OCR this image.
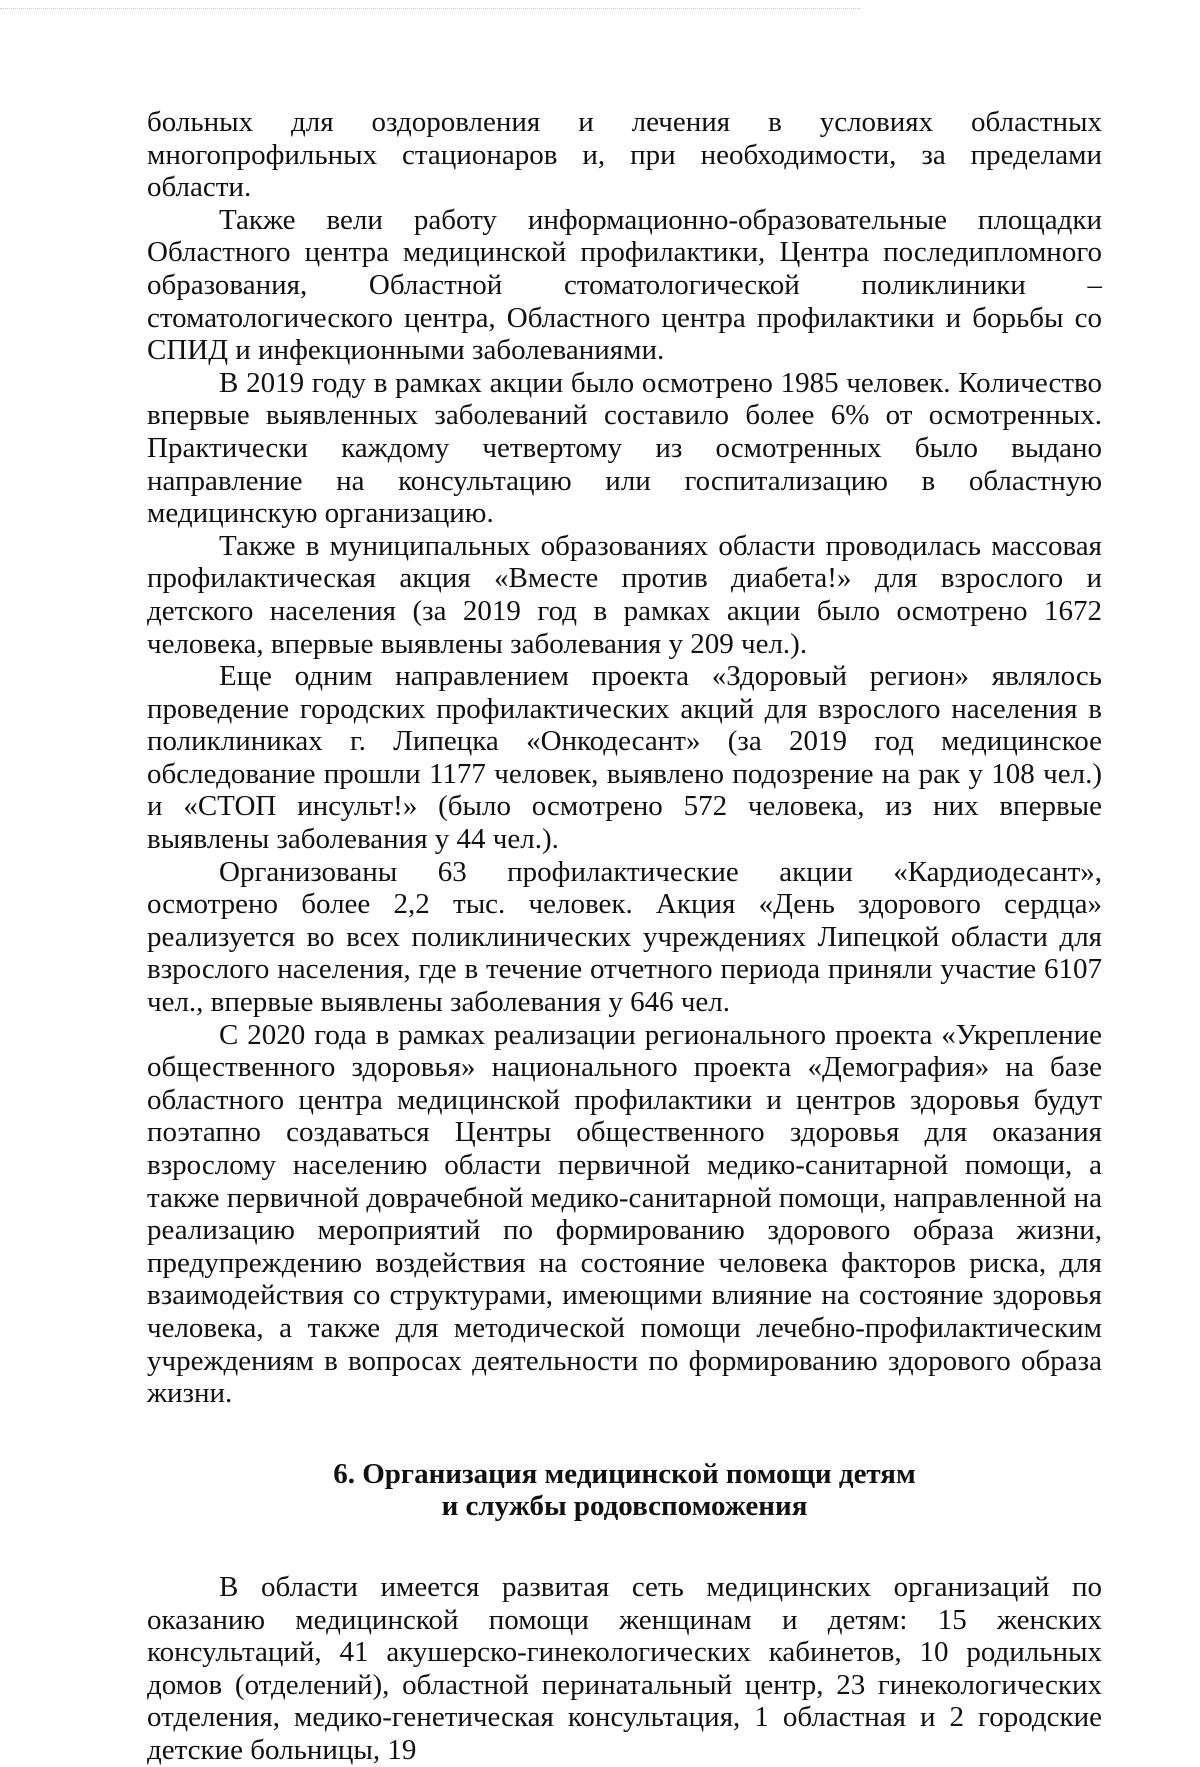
больных для оздоровления и лечения в условиях областных многопрофильных стационаров и, при необходимости, за пределами области.

Также вели работу информационно-образовательные площадки Областного центра медицинской профилактики, Центра последипломного образования, Областной стоматологической поликлиники – стоматологического центра, Областного центра профилактики и борьбы со СПИД и инфекционными заболеваниями.

В 2019 году в рамках акции было осмотрено 1985 человек. Количество впервые выявленных заболеваний составило более 6% от осмотренных. Практически каждому четвертому из осмотренных было выдано направление на консультацию или госпитализацию в областную медицинскую организацию.

Также в муниципальных образованиях области проводилась массовая профилактическая акция «Вместе против диабета!» для взрослого и детского населения (за 2019 год в рамках акции было осмотрено 1672 человека, впервые выявлены заболевания у 209 чел.).

Еще одним направлением проекта «Здоровый регион» являлось проведение городских профилактических акций для взрослого населения в поликлиниках г. Липецка «Онкодесант» (за 2019 год медицинское обследование прошли 1177 человек, выявлено подозрение на рак у 108 чел.) и «СТОП инсульт!» (было осмотрено 572 человека, из них впервые выявлены заболевания у 44 чел.).

Организованы 63 профилактические акции «Кардиодесант», осмотрено более 2,2 тыс. человек. Акция «День здорового сердца» реализуется во всех поликлинических учреждениях Липецкой области для взрослого населения, где в течение отчетного периода приняли участие 6107 чел., впервые выявлены заболевания у 646 чел.

С 2020 года в рамках реализации регионального проекта «Укрепление общественного здоровья» национального проекта «Демография» на базе областного центра медицинской профилактики и центров здоровья будут поэтапно создаваться Центры общественного здоровья для оказания взрослому населению области первичной медико-санитарной помощи, а также первичной доврачебной медико-санитарной помощи, направленной на реализацию мероприятий по формированию здорового образа жизни, предупреждению воздействия на состояние человека факторов риска, для взаимодействия со структурами, имеющими влияние на состояние здоровья человека, а также для методической помощи лечебно-профилактическим учреждениям в вопросах деятельности по формированию здорового образа жизни.

6. Организация медицинской помощи детям
и службы родовспоможения

В области имеется развитая сеть медицинских организаций по оказанию медицинской помощи женщинам и детям: 15 женских консультаций, 41 акушерско-гинекологических кабинетов, 10 родильных домов (отделений), областной перинатальный центр, 23 гинекологических отделения, медико-генетическая консультация, 1 областная и 2 городские детские больницы, 19
